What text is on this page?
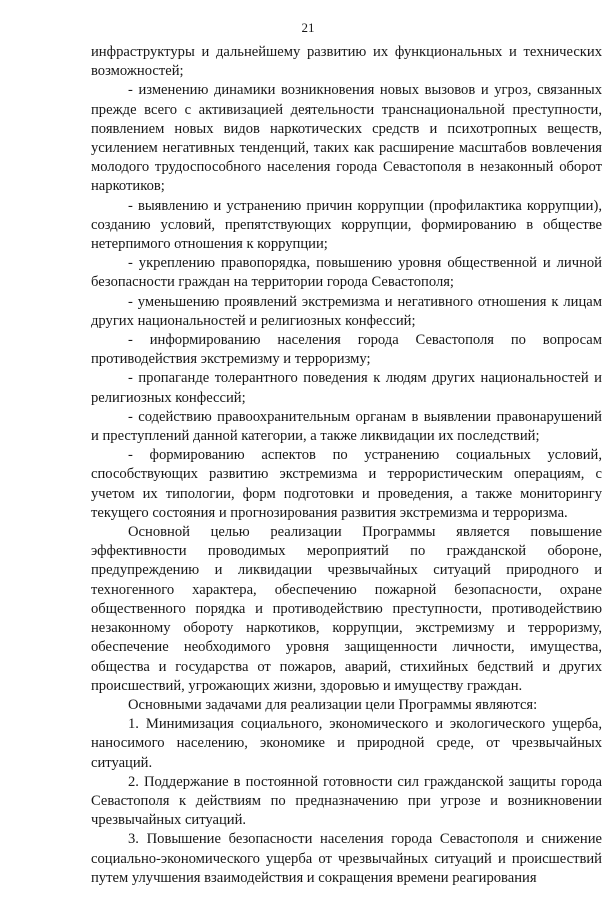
21

инфраструктуры и дальнейшему развитию их функциональных и технических возможностей;

- изменению динамики возникновения новых вызовов и угроз, связанных прежде всего с активизацией деятельности транснациональной преступности, появлением новых видов наркотических средств и психотропных веществ, усилением негативных тенденций, таких как расширение масштабов вовлечения молодого трудоспособного населения города Севастополя в незаконный оборот наркотиков;

- выявлению и устранению причин коррупции (профилактика коррупции), созданию условий, препятствующих коррупции, формированию в обществе нетерпимого отношения к коррупции;

- укреплению правопорядка, повышению уровня общественной и личной безопасности граждан на территории города Севастополя;

- уменьшению проявлений экстремизма и негативного отношения к лицам других национальностей и религиозных конфессий;

- информированию населения города Севастополя по вопросам противодействия экстремизму и терроризму;

- пропаганде толерантного поведения к людям других национальностей и религиозных конфессий;

- содействию правоохранительным органам в выявлении правонарушений и преступлений данной категории, а также ликвидации их последствий;

- формированию аспектов по устранению социальных условий, способствующих развитию экстремизма и террористическим операциям, с учетом их типологии, форм подготовки и проведения, а также мониторингу текущего состояния и прогнозирования развития экстремизма и терроризма.

Основной целью реализации Программы является повышение эффективности проводимых мероприятий по гражданской обороне, предупреждению и ликвидации чрезвычайных ситуаций природного и техногенного характера, обеспечению пожарной безопасности, охране общественного порядка и противодействию преступности, противодействию незаконному обороту наркотиков, коррупции, экстремизму и терроризму, обеспечение необходимого уровня защищенности личности, имущества, общества и государства от пожаров, аварий, стихийных бедствий и других происшествий, угрожающих жизни, здоровью и имуществу граждан.

Основными задачами для реализации цели Программы являются:

1. Минимизация социального, экономического и экологического ущерба, наносимого населению, экономике и природной среде, от чрезвычайных ситуаций.

2. Поддержание в постоянной готовности сил гражданской защиты города Севастополя к действиям по предназначению при угрозе и возникновении чрезвычайных ситуаций.

3. Повышение безопасности населения города Севастополя и снижение социально-экономического ущерба от чрезвычайных ситуаций и происшествий путем улучшения взаимодействия и сокращения времени реагирования
